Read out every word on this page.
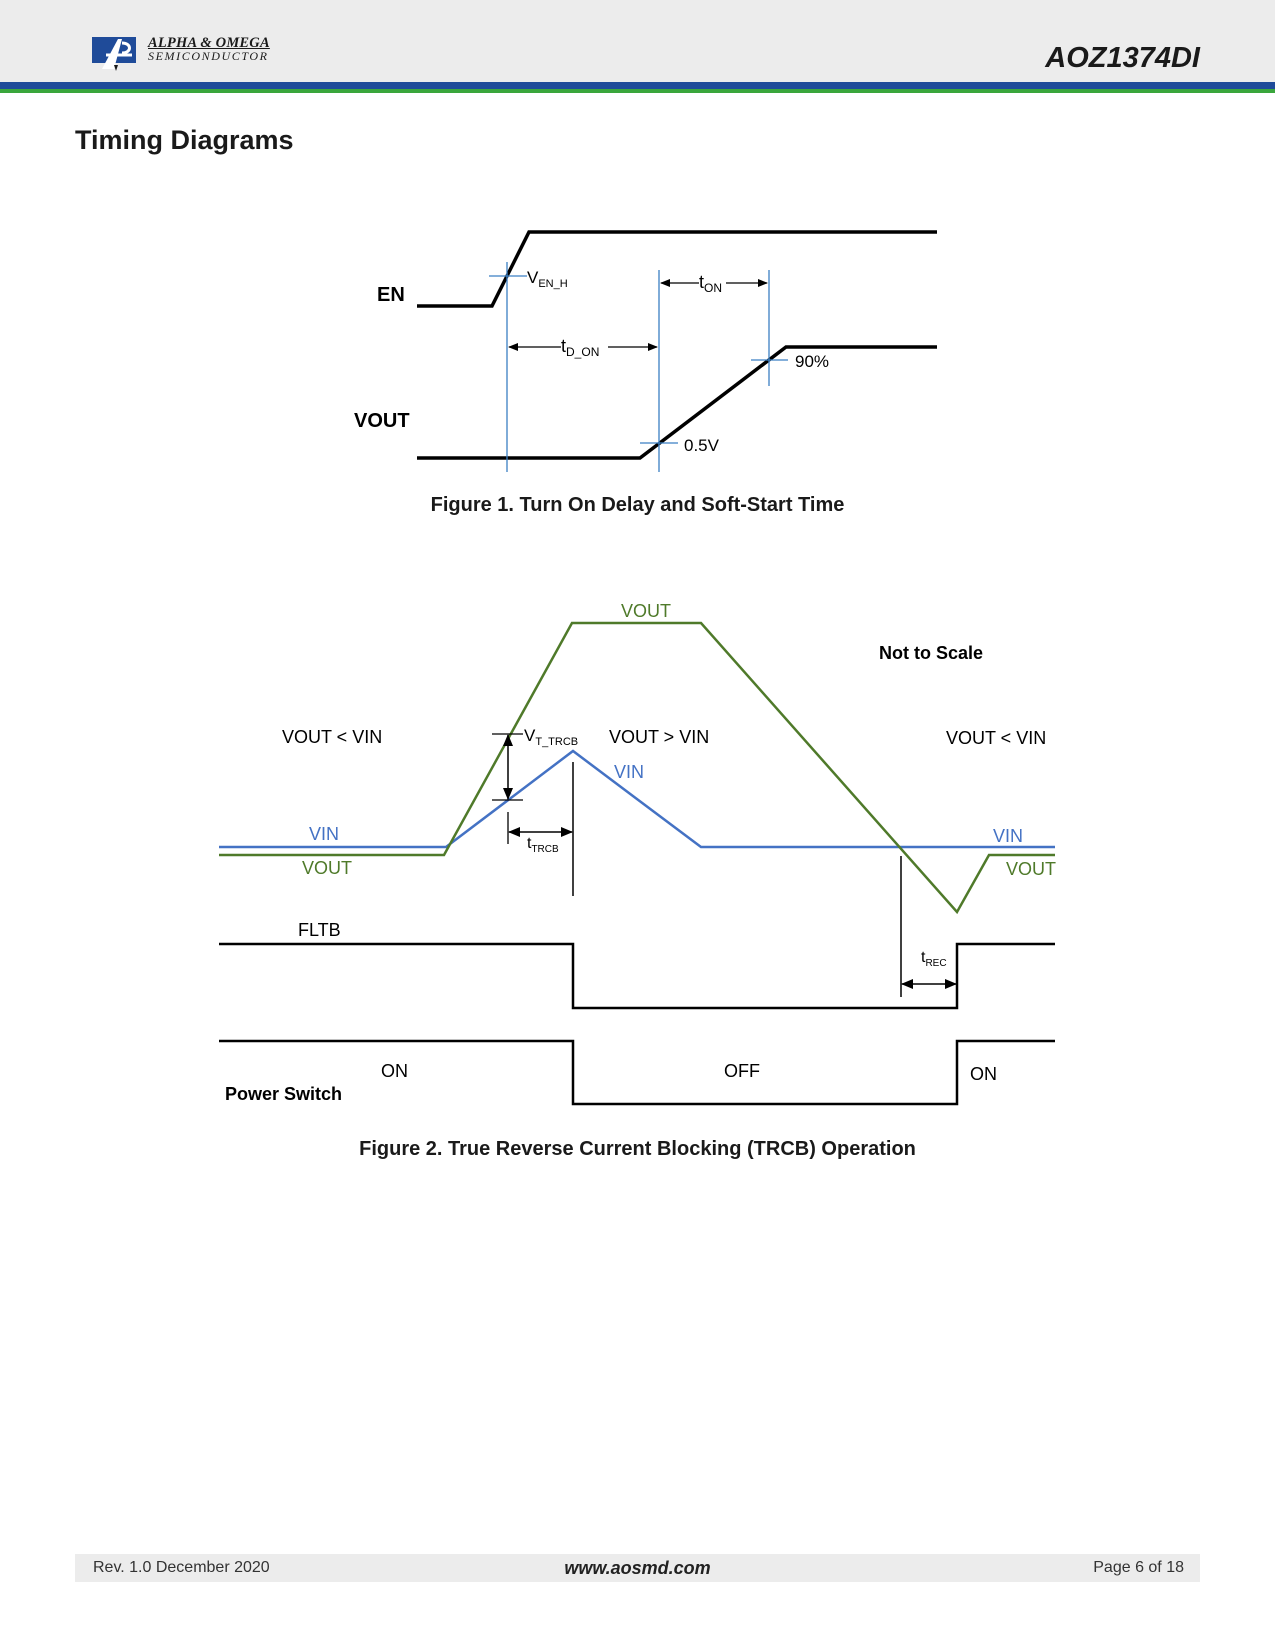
ALPHA & OMEGA
SEMICONDUCTOR	AOZ1374DI
Timing Diagrams
EN
VOUT
$V_{EN\_H}$
$t_{D\_ON}$
$t_{ON}$
90%
0.5V
Figure 1. Turn On Delay and Soft-Start Time
VOUT
Not to Scale
VOUT < VIN	VOUT > VIN	VOUT < VIN
$V_{T\_TRCB}$
VIN
VIN
VOUT
VIN
VOUT
$t_{TRCB}$
FLTB
$t_{REC}$
ON	OFF	ON
Power Switch
Figure 2. True Reverse Current Blocking (TRCB) Operation
Rev. 1.0 December 2020	www.aosmd.com	Page 6 of 18
